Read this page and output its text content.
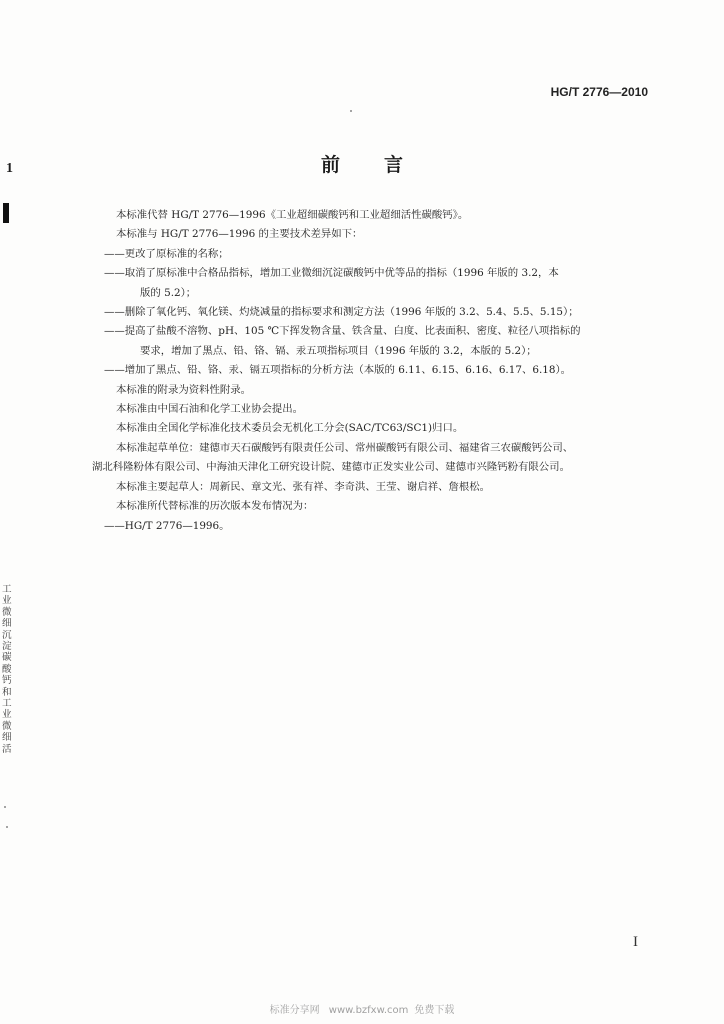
HG/T 2776—2010
1	前言

本标准代替 HG/T 2776—1996《工业超细碳酸钙和工业超细活性碳酸钙》。

本标准与 HG/T 2776—1996 的主要技术差异如下：

——更改了原标准的名称；

——取消了原标准中合格品指标，增加工业微细沉淀碳酸钙中优等品的指标（1996 年版的 3.2，本

版的 5.2）；

——删除了氧化钙、氧化镁、灼烧减量的指标要求和测定方法（1996 年版的 3.2、5.4、5.5、5.15）；

——提高了盐酸不溶物、pH、105 ℃下挥发物含量、铁含量、白度、比表面积、密度、粒径八项指标的

要求，增加了黑点、铅、铬、镉、汞五项指标项目（1996 年版的 3.2，本版的 5.2）；

——增加了黑点、铅、铬、汞、镉五项指标的分析方法（本版的 6.11、6.15、6.16、6.17、6.18）。

本标准的附录为资料性附录。

本标准由中国石油和化学工业协会提出。

本标准由全国化学标准化技术委员会无机化工分会(SAC/TC63/SC1)归口。

本标准起草单位：建德市天石碳酸钙有限责任公司、常州碳酸钙有限公司、福建省三农碳酸钙公司、

湖北科隆粉体有限公司、中海油天津化工研究设计院、建德市正发实业公司、建德市兴隆钙粉有限公司。

本标准主要起草人：周新民、章文光、张有祥、李奇洪、王莹、谢启祥、詹根松。

本标准所代替标准的历次版本发布情况为：

——HG/T 2776—1996。

工业微细沉淀碳酸钙和工业微细活
I
标准分享网 www.bzfxw.com 免费下载
